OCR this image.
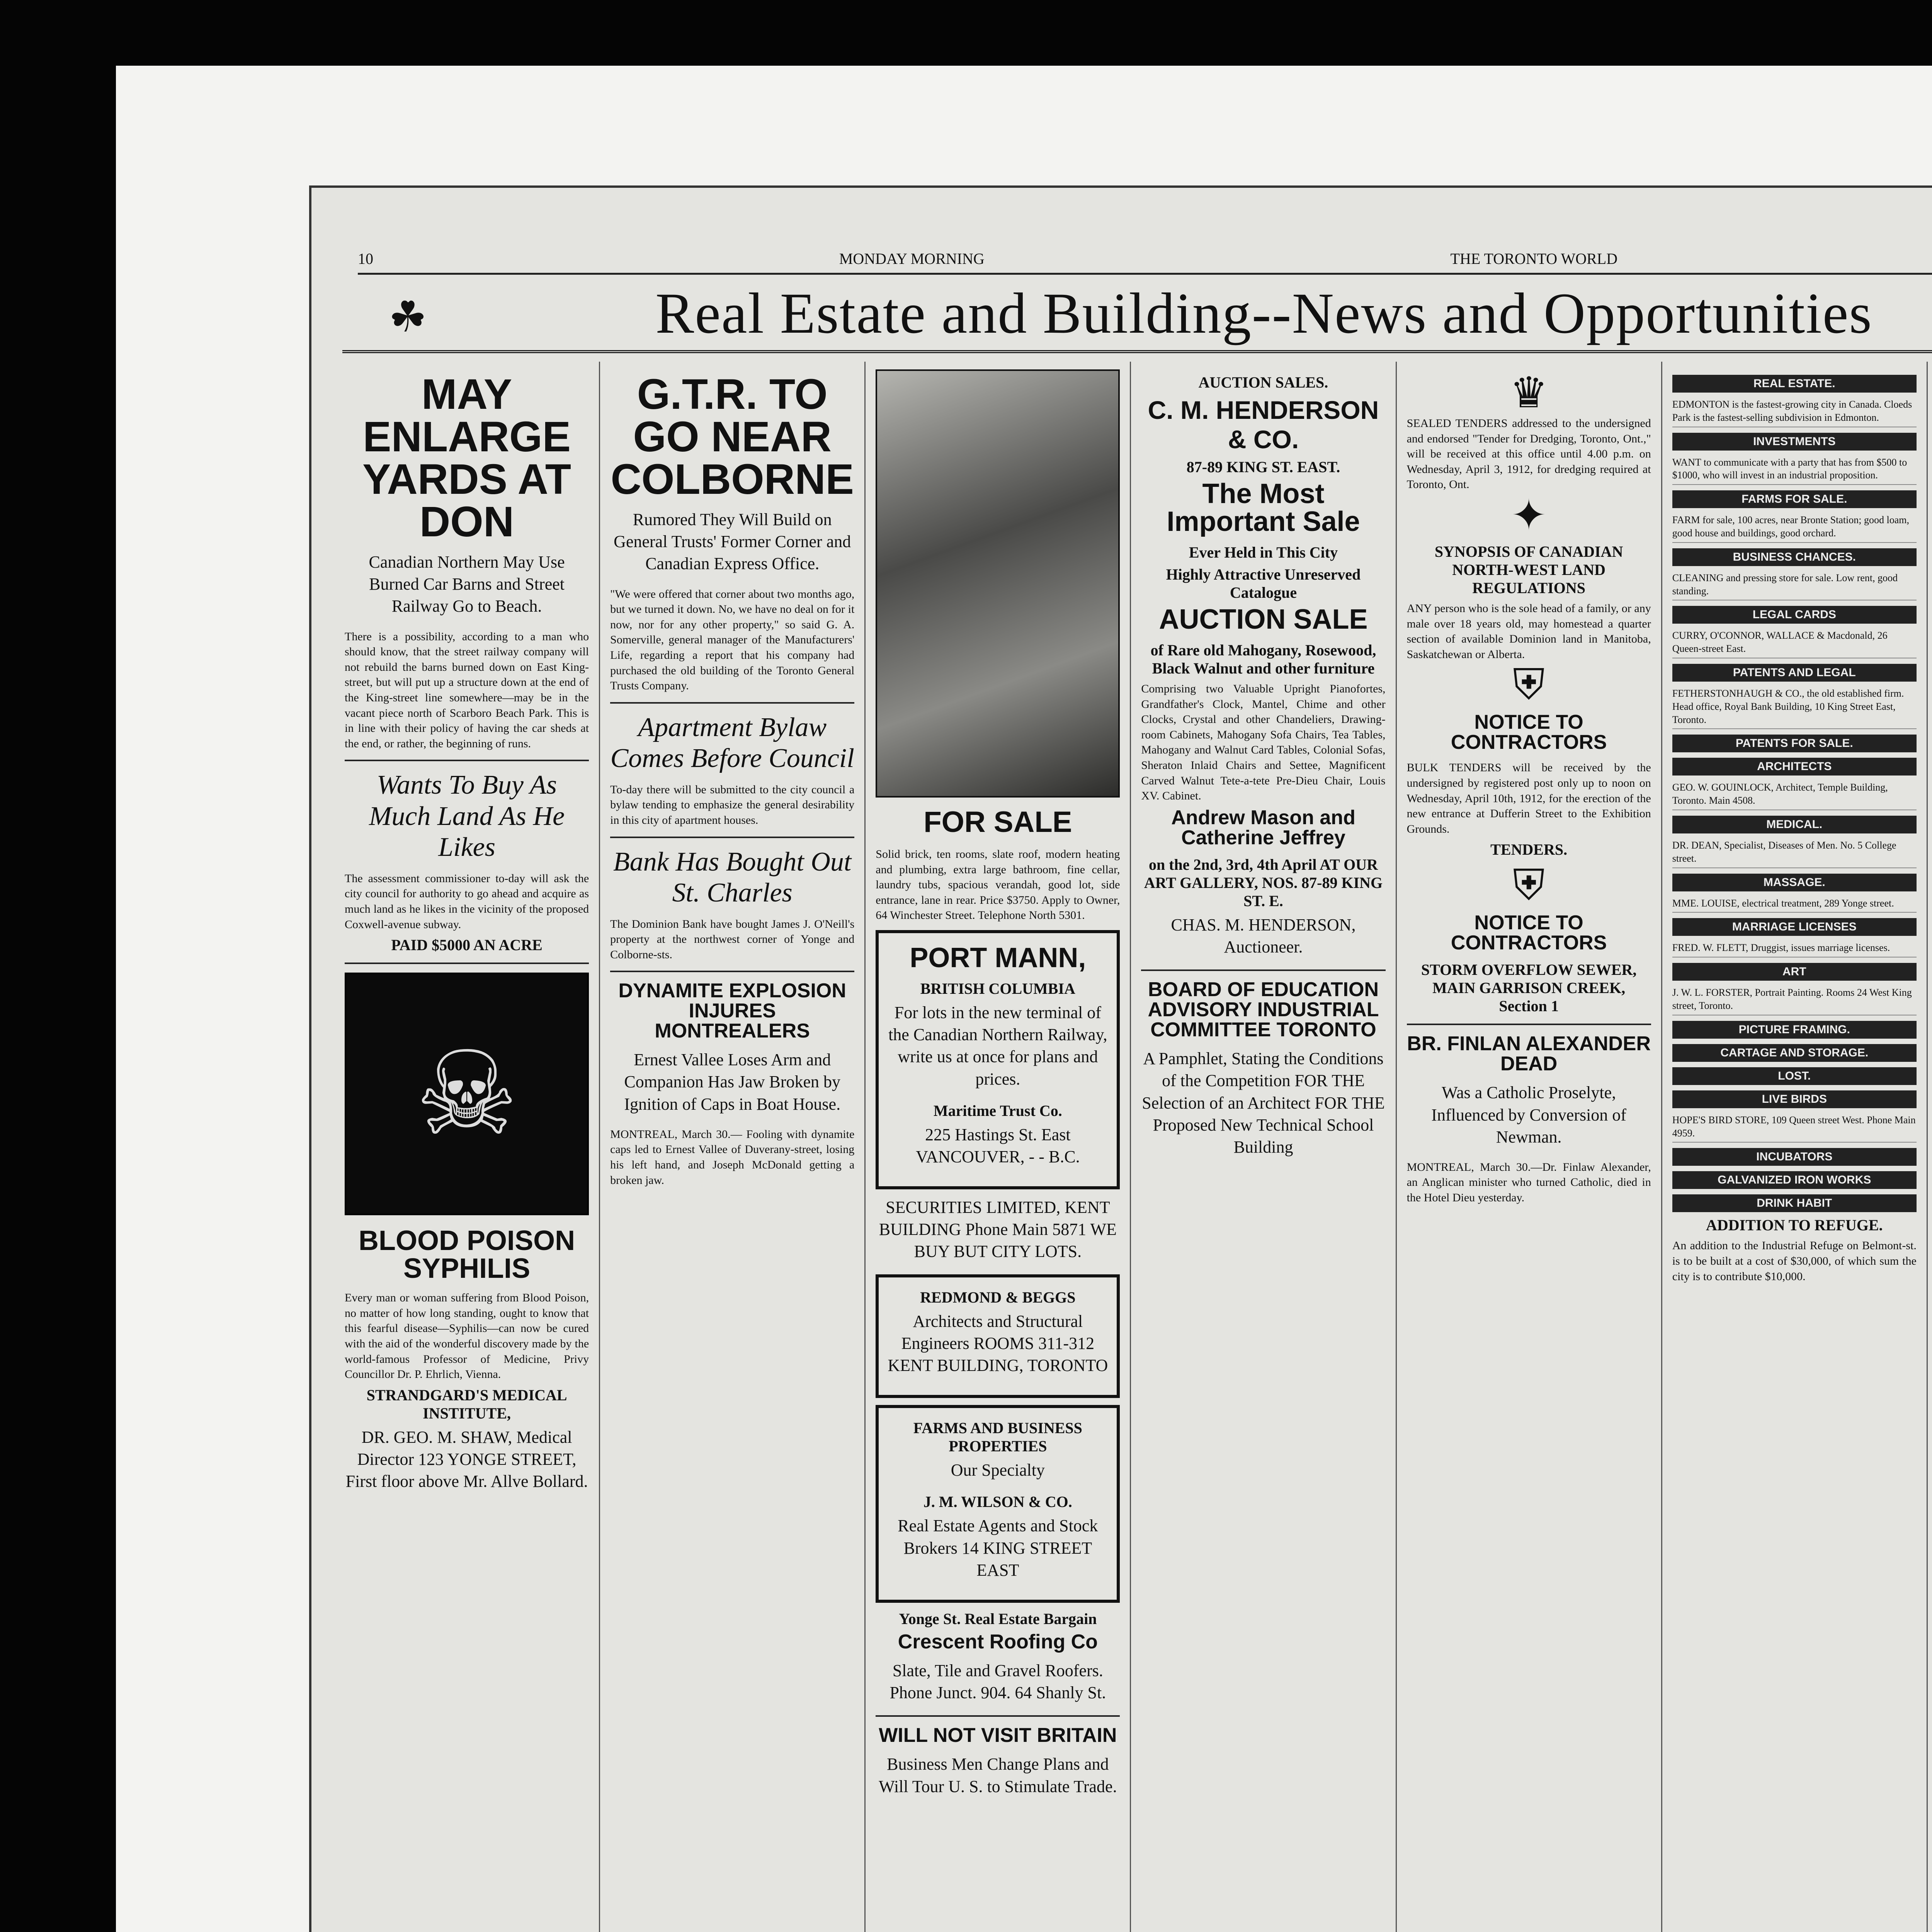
10	MONDAY MORNING	THE TORONTO WORLD
☘	Real Estate and Building--News and Opportunities
MAY ENLARGE YARDS AT DON
Canadian Northern May Use Burned Car Barns and Street Railway Go to Beach.
There is a possibility, according to a man who should know, that the street railway company will not rebuild the barns burned down on East King-street, but will put up a structure down at the end of the King-street line somewhere—may be in the vacant piece north of Scarboro Beach Park. This is in line with their policy of having the car sheds at the end, or rather, the beginning of runs.
Wants To Buy As Much Land As He Likes
The assessment commissioner to-day will ask the city council for authority to go ahead and acquire as much land as he likes in the vicinity of the proposed Coxwell-avenue subway.
PAID $5000 AN ACRE
☠
BLOOD POISON SYPHILIS
Every man or woman suffering from Blood Poison, no matter of how long standing, ought to know that this fearful disease—Syphilis—can now be cured with the aid of the wonderful discovery made by the world-famous Professor of Medicine, Privy Councillor Dr. P. Ehrlich, Vienna.
STRANDGARD'S MEDICAL INSTITUTE,
DR. GEO. M. SHAW, Medical Director 123 YONGE STREET, First floor above Mr. Allve Bollard.
G.T.R. TO GO NEAR COLBORNE
Rumored They Will Build on General Trusts' Former Corner and Canadian Express Office.
"We were offered that corner about two months ago, but we turned it down. No, we have no deal on for it now, nor for any other property," so said G. A. Somerville, general manager of the Manufacturers' Life, regarding a report that his company had purchased the old building of the Toronto General Trusts Company.
Apartment Bylaw Comes Before Council
To-day there will be submitted to the city council a bylaw tending to emphasize the general desirability in this city of apartment houses.
Bank Has Bought Out St. Charles
The Dominion Bank have bought James J. O'Neill's property at the northwest corner of Yonge and Colborne-sts.
DYNAMITE EXPLOSION INJURES MONTREALERS
Ernest Vallee Loses Arm and Companion Has Jaw Broken by Ignition of Caps in Boat House.
MONTREAL, March 30.— Fooling with dynamite caps led to Ernest Vallee of Duverany-street, losing his left hand, and Joseph McDonald getting a broken jaw.
FOR SALE
Solid brick, ten rooms, slate roof, modern heating and plumbing, extra large bathroom, fine cellar, laundry tubs, spacious verandah, good lot, side entrance, lane in rear. Price $3750. Apply to Owner, 64 Winchester Street. Telephone North 5301.
PORT MANN,
BRITISH COLUMBIA
For lots in the new terminal of the Canadian Northern Railway, write us at once for plans and prices.
Maritime Trust Co.
225 Hastings St. East VANCOUVER, - - B.C.
SECURITIES LIMITED, KENT BUILDING Phone Main 5871 WE BUY BUT CITY LOTS.
REDMOND & BEGGS
Architects and Structural Engineers ROOMS 311-312 KENT BUILDING, TORONTO
FARMS AND BUSINESS PROPERTIES
Our Specialty
J. M. WILSON & CO.
Real Estate Agents and Stock Brokers 14 KING STREET EAST
Yonge St. Real Estate Bargain
Crescent Roofing Co
Slate, Tile and Gravel Roofers. Phone Junct. 904. 64 Shanly St.
WILL NOT VISIT BRITAIN
Business Men Change Plans and Will Tour U. S. to Stimulate Trade.
AUCTION SALES.
C. M. HENDERSON & CO.
87-89 KING ST. EAST.
The Most Important Sale
Ever Held in This City
Highly Attractive Unreserved Catalogue
AUCTION SALE
of Rare old Mahogany, Rosewood, Black Walnut and other furniture
Comprising two Valuable Upright Pianofortes, Grandfather's Clock, Mantel, Chime and other Clocks, Crystal and other Chandeliers, Drawing-room Cabinets, Mahogany Sofa Chairs, Tea Tables, Mahogany and Walnut Card Tables, Colonial Sofas, Sheraton Inlaid Chairs and Settee, Magnificent Carved Walnut Tete-a-tete Pre-Dieu Chair, Louis XV. Cabinet.
Andrew Mason and Catherine Jeffrey
on the 2nd, 3rd, 4th April AT OUR ART GALLERY, NOS. 87-89 KING ST. E.
CHAS. M. HENDERSON, Auctioneer.
BOARD OF EDUCATION ADVISORY INDUSTRIAL COMMITTEE TORONTO
A Pamphlet, Stating the Conditions of the Competition FOR THE Selection of an Architect FOR THE Proposed New Technical School Building
♛
SEALED TENDERS addressed to the undersigned and endorsed "Tender for Dredging, Toronto, Ont.," will be received at this office until 4.00 p.m. on Wednesday, April 3, 1912, for dredging required at Toronto, Ont.
✦
SYNOPSIS OF CANADIAN NORTH-WEST LAND REGULATIONS
ANY person who is the sole head of a family, or any male over 18 years old, may homestead a quarter section of available Dominion land in Manitoba, Saskatchewan or Alberta.
⛨
NOTICE TO CONTRACTORS
BULK TENDERS will be received by the undersigned by registered post only up to noon on Wednesday, April 10th, 1912, for the erection of the new entrance at Dufferin Street to the Exhibition Grounds.
TENDERS.
⛨
NOTICE TO CONTRACTORS
STORM OVERFLOW SEWER, MAIN GARRISON CREEK, Section 1
BR. FINLAN ALEXANDER DEAD
Was a Catholic Proselyte, Influenced by Conversion of Newman.
MONTREAL, March 30.—Dr. Finlaw Alexander, an Anglican minister who turned Catholic, died in the Hotel Dieu yesterday.
REAL ESTATE.
EDMONTON is the fastest-growing city in Canada. Cloeds Park is the fastest-selling subdivision in Edmonton.
INVESTMENTS
WANT to communicate with a party that has from $500 to $1000, who will invest in an industrial proposition.
FARMS FOR SALE.
FARM for sale, 100 acres, near Bronte Station; good loam, good house and buildings, good orchard.
BUSINESS CHANCES.
CLEANING and pressing store for sale. Low rent, good standing.
LEGAL CARDS
CURRY, O'CONNOR, WALLACE & Macdonald, 26 Queen-street East.
PATENTS AND LEGAL
FETHERSTONHAUGH & CO., the old established firm. Head office, Royal Bank Building, 10 King Street East, Toronto.
PATENTS FOR SALE.
ARCHITECTS
GEO. W. GOUINLOCK, Architect, Temple Building, Toronto. Main 4508.
MEDICAL.
DR. DEAN, Specialist, Diseases of Men. No. 5 College street.
MASSAGE.
MME. LOUISE, electrical treatment, 289 Yonge street.
MARRIAGE LICENSES
FRED. W. FLETT, Druggist, issues marriage licenses.
ART
J. W. L. FORSTER, Portrait Painting. Rooms 24 West King street, Toronto.
PICTURE FRAMING.
CARTAGE AND STORAGE.
LOST.
LIVE BIRDS
HOPE'S BIRD STORE, 109 Queen street West. Phone Main 4959.
INCUBATORS
GALVANIZED IRON WORKS
DRINK HABIT
ADDITION TO REFUGE.
An addition to the Industrial Refuge on Belmont-st. is to be built at a cost of $30,000, of which sum the city is to contribute $10,000.
